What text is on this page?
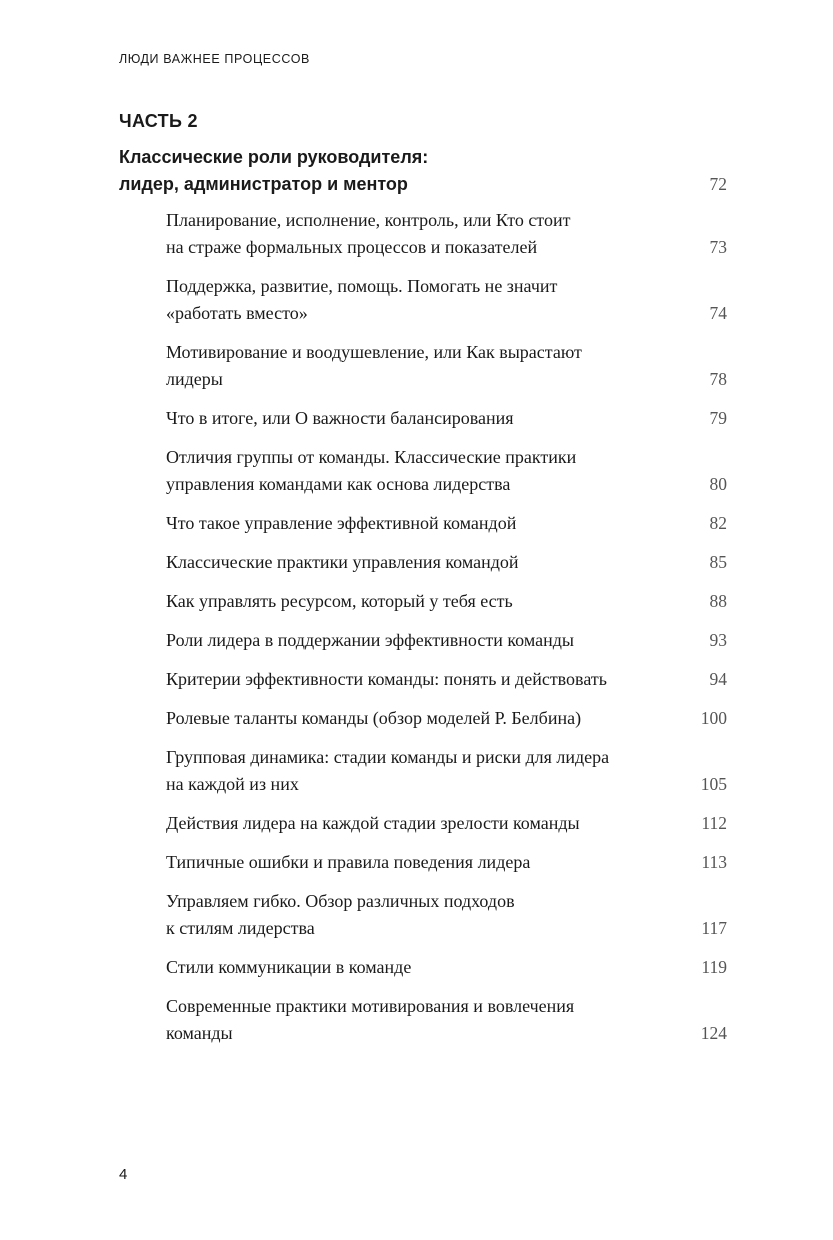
ЛЮДИ ВАЖНЕЕ ПРОЦЕССОВ
ЧАСТЬ 2
Классические роли руководителя:
лидер, администратор и ментор	72
Планирование, исполнение, контроль, или Кто стоит
на страже формальных процессов и показателей	73
Поддержка, развитие, помощь. Помогать не значит
«работать вместо»	74
Мотивирование и воодушевление, или Как вырастают
лидеры	78
Что в итоге, или О важности балансирования	79
Отличия группы от команды. Классические практики
управления командами как основа лидерства	80
Что такое управление эффективной командой	82
Классические практики управления командой	85
Как управлять ресурсом, который у тебя есть	88
Роли лидера в поддержании эффективности команды	93
Критерии эффективности команды: понять и действовать	94
Ролевые таланты команды (обзор моделей Р. Белбина)	100
Групповая динамика: стадии команды и риски для лидера
на каждой из них	105
Действия лидера на каждой стадии зрелости команды	112
Типичные ошибки и правила поведения лидера	113
Управляем гибко. Обзор различных подходов
к стилям лидерства	117
Стили коммуникации в команде	119
Современные практики мотивирования и вовлечения
команды	124
4
